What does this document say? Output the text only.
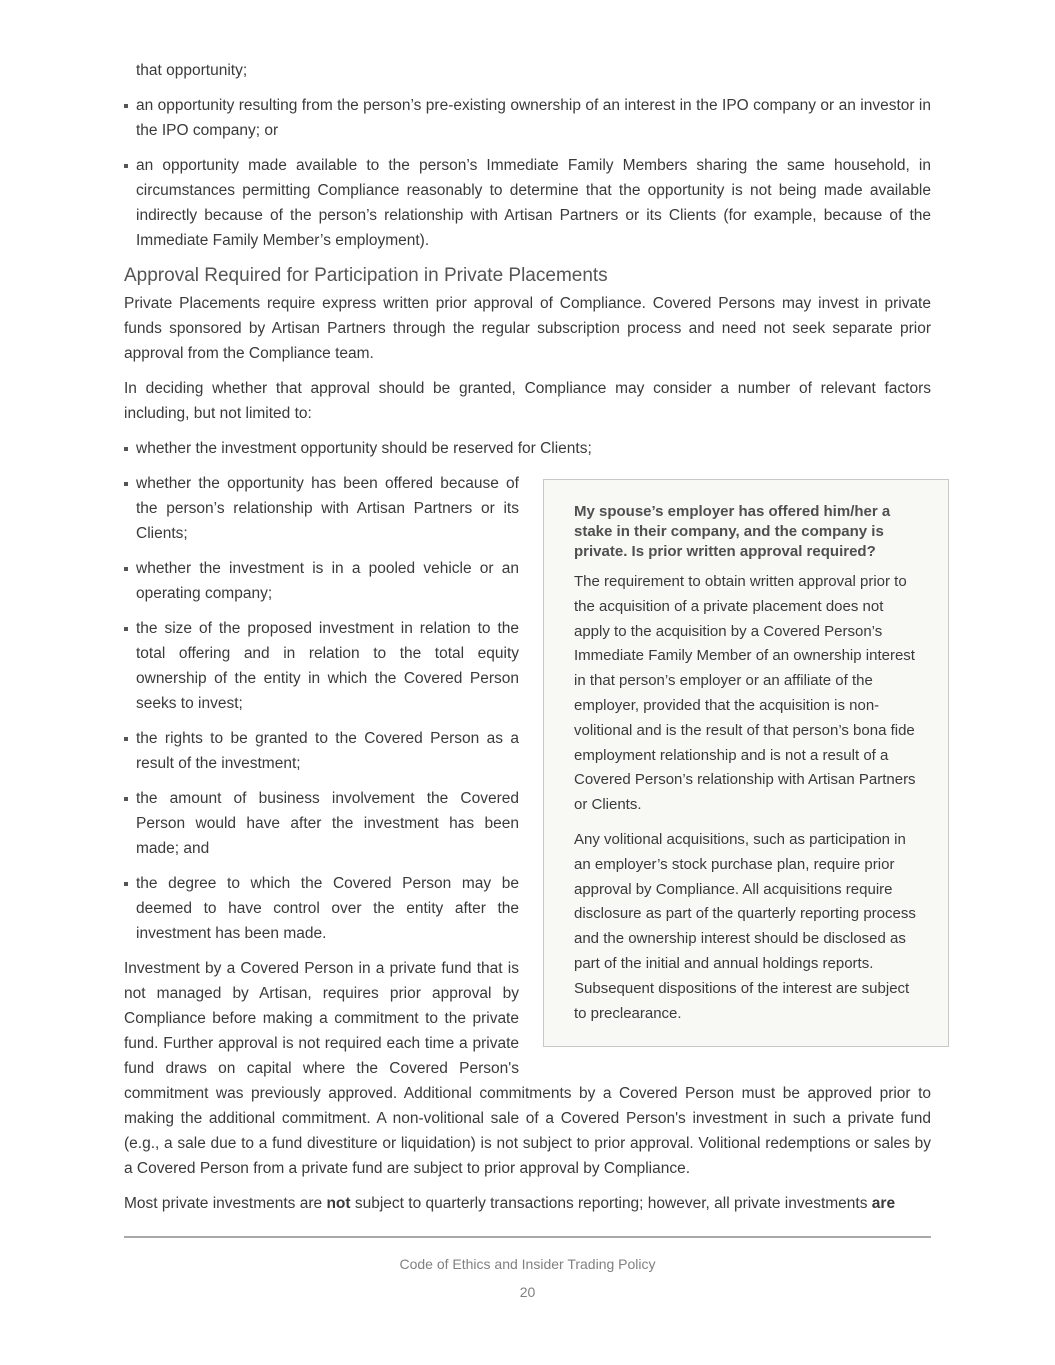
that opportunity;
an opportunity resulting from the person’s pre-existing ownership of an interest in the IPO company or an investor in the IPO company; or
an opportunity made available to the person’s Immediate Family Members sharing the same household, in circumstances permitting Compliance reasonably to determine that the opportunity is not being made available indirectly because of the person’s relationship with Artisan Partners or its Clients (for example, because of the Immediate Family Member’s employment).
Approval Required for Participation in Private Placements

Private Placements require express written prior approval of Compliance. Covered Persons may invest in private funds sponsored by Artisan Partners through the regular subscription process and need not seek separate prior approval from the Compliance team.

In deciding whether that approval should be granted, Compliance may consider a number of relevant factors including, but not limited to:

whether the investment opportunity should be reserved for Clients;

My spouse’s employer has offered him/her a stake in their company, and the company is private. Is prior written approval required?

The requirement to obtain written approval prior to the acquisition of a private placement does not apply to the acquisition by a Covered Person’s Immediate Family Member of an ownership interest in that person’s employer or an affiliate of the employer, provided that the acquisition is non-volitional and is the result of that person’s bona fide employment relationship and is not a result of a Covered Person’s relationship with Artisan Partners or Clients.

Any volitional acquisitions, such as participation in an employer’s stock purchase plan, require prior approval by Compliance. All acquisitions require disclosure as part of the quarterly reporting process and the ownership interest should be disclosed as part of the initial and annual holdings reports. Subsequent dispositions of the interest are subject to preclearance.

whether the opportunity has been offered because of the person’s relationship with Artisan Partners or its Clients;
whether the investment is in a pooled vehicle or an operating company;
the size of the proposed investment in relation to the total offering and in relation to the total equity ownership of the entity in which the Covered Person seeks to invest;
the rights to be granted to the Covered Person as a result of the investment;
the amount of business involvement the Covered Person would have after the investment has been made; and
the degree to which the Covered Person may be deemed to have control over the entity after the investment has been made.

Investment by a Covered Person in a private fund that is not managed by Artisan, requires prior approval by Compliance before making a commitment to the private fund. Further approval is not required each time a private fund draws on capital where the Covered Person's commitment was previously approved. Additional commitments by a Covered Person must be approved prior to making the additional commitment. A non-volitional sale of a Covered Person's investment in such a private fund (e.g., a sale due to a fund divestiture or liquidation) is not subject to prior approval. Volitional redemptions or sales by a Covered Person from a private fund are subject to prior approval by Compliance.

Most private investments are not subject to quarterly transactions reporting; however, all private investments are

Code of Ethics and Insider Trading Policy
20
